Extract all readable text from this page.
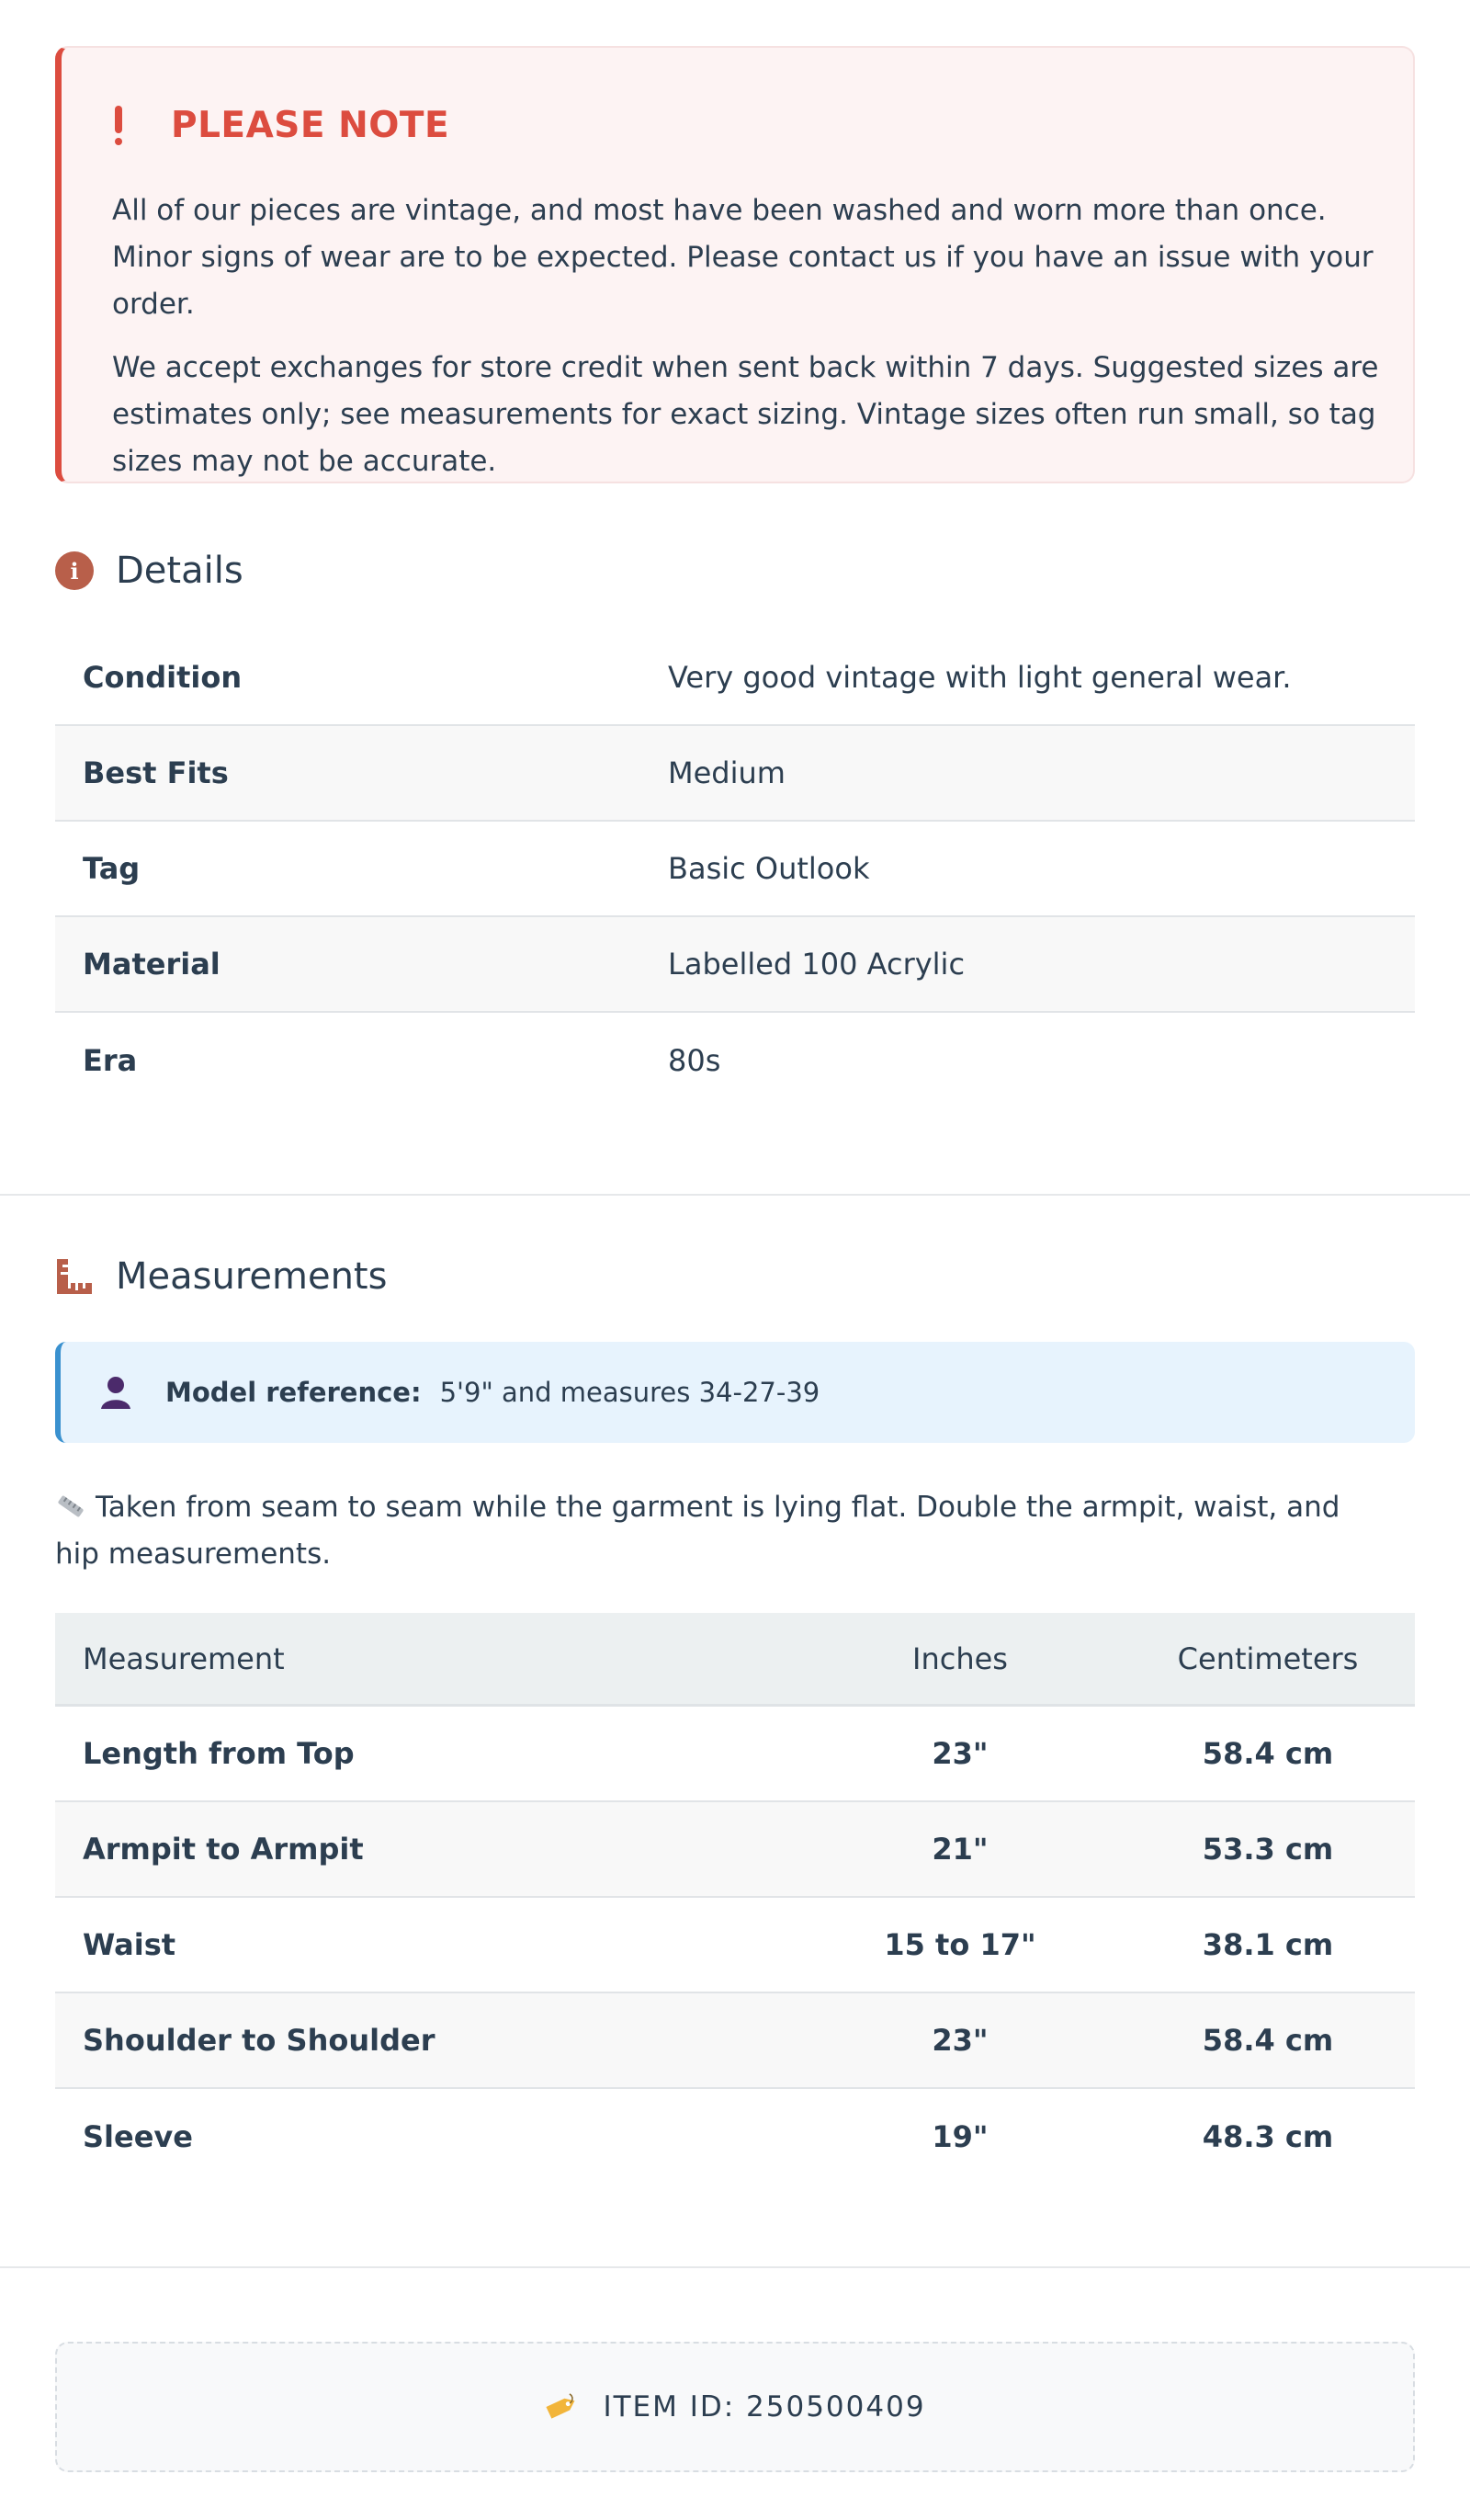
PLEASE NOTE

All of our pieces are vintage, and most have been washed and worn more than once. Minor signs of wear are to be expected. Please contact us if you have an issue with your order.

We accept exchanges for store credit when sent back within 7 days. Suggested sizes are estimates only; see measurements for exact sizing. Vintage sizes often run small, so tag sizes may not be accurate.

i	Details
Condition	Very good vintage with light general wear.
Best Fits	Medium
Tag	Basic Outlook
Material	Labelled 100 Acrylic
Era	80s
Measurements
Model reference: 5'9" and measures 34-27-39
Taken from seam to seam while the garment is lying flat. Double the armpit, waist, and hip measurements.
Measurement	Inches	Centimeters
Length from Top	23"	58.4 cm
Armpit to Armpit	21"	53.3 cm
Waist	15 to 17"	38.1 cm
Shoulder to Shoulder	23"	58.4 cm
Sleeve	19"	48.3 cm
ITEM ID: 250500409
